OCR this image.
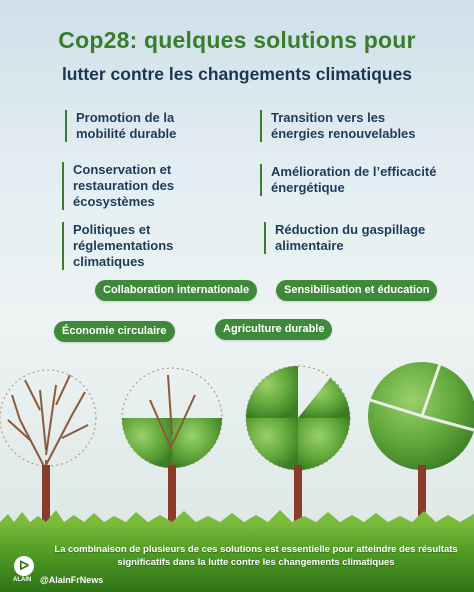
Cop28: quelques solutions pour
lutter contre les changements climatiques
Promotion de la mobilité durable
Conservation et restauration des écosystèmes
Politiques et réglementations climatiques
Transition vers les énergies renouvelables
Amélioration de l’efficacité énergétique
Réduction du gaspillage alimentaire
Collaboration internationale	Sensibilisation et éducation
Économie circulaire	Agriculture durable
La combinaison de plusieurs de ces solutions est essentielle pour atteindre des résultats significatifs dans la lutte contre les changements climatiques
ᐅ
ALAIN @AlainFrNews
